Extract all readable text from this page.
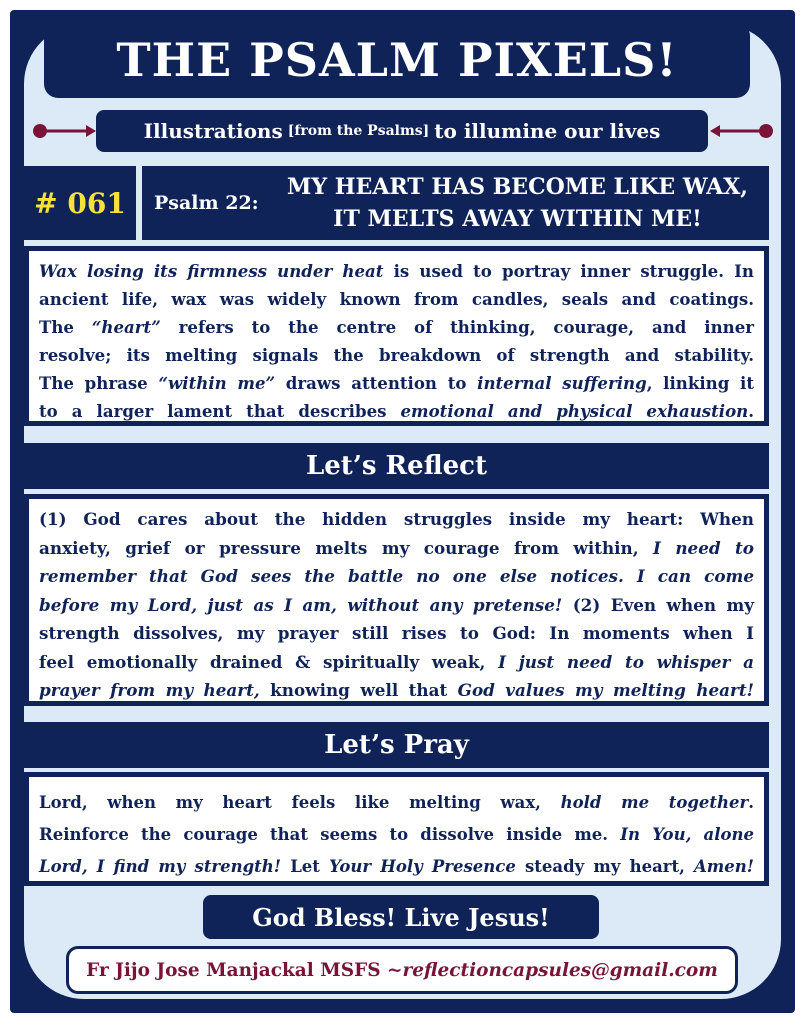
THE PSALM PIXELS!
Illustrations [from the Psalms] to illumine our lives
# 061	Psalm 22:
MY HEART HAS BECOME LIKE WAX,
IT MELTS AWAY WITHIN ME!
Wax losing its firmness under heat is used to portray inner struggle. In
ancient life, wax was widely known from candles, seals and coatings.
The “heart” refers to the centre of thinking, courage, and inner
resolve; its melting signals the breakdown of strength and stability.
The phrase “within me” draws attention to internal suffering, linking it
to a larger lament that describes emotional and physical exhaustion.
Let’s Reflect
(1) God cares about the hidden struggles inside my heart: When
anxiety, grief or pressure melts my courage from within, I need to
remember that God sees the battle no one else notices. I can come
before my Lord, just as I am, without any pretense! (2) Even when my
strength dissolves, my prayer still rises to God: In moments when I
feel emotionally drained & spiritually weak, I just need to whisper a
prayer from my heart, knowing well that God values my melting heart!
Let’s Pray
Lord, when my heart feels like melting wax, hold me together.
Reinforce the courage that seems to dissolve inside me. In You, alone
Lord, I find my strength! Let Your Holy Presence steady my heart, Amen!
God Bless! Live Jesus!
Fr Jijo Jose Manjackal MSFS ~ reflectioncapsules@gmail.com
